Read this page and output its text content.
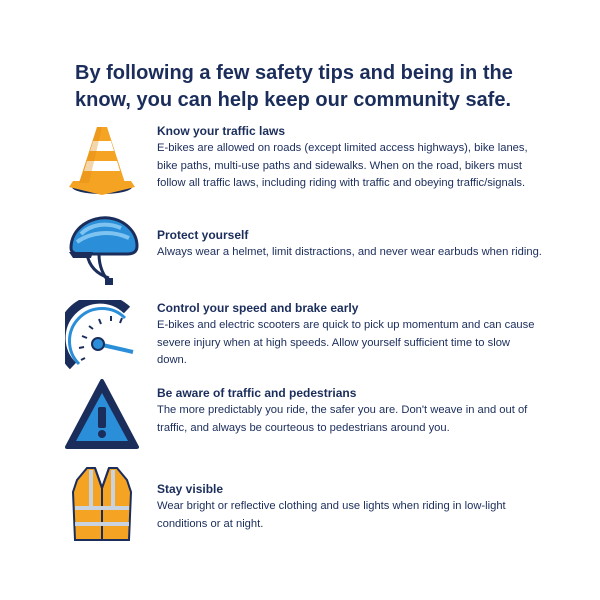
By following a few safety tips and being in the know, you can help keep our community safe.
Know your traffic laws
E-bikes are allowed on roads (except limited access highways), bike lanes, bike paths, multi-use paths and sidewalks. When on the road, bikers must follow all traffic laws, including riding with traffic and obeying traffic/signals.
Protect yourself
Always wear a helmet, limit distractions, and never wear earbuds when riding.
Control your speed and brake early
E-bikes and electric scooters are quick to pick up momentum and can cause severe injury when at high speeds. Allow yourself sufficient time to slow down.
Be aware of traffic and pedestrians
The more predictably you ride, the safer you are. Don't weave in and out of traffic, and always be courteous to pedestrians around you.
Stay visible
Wear bright or reflective clothing and use lights when riding in low-light conditions or at night.
